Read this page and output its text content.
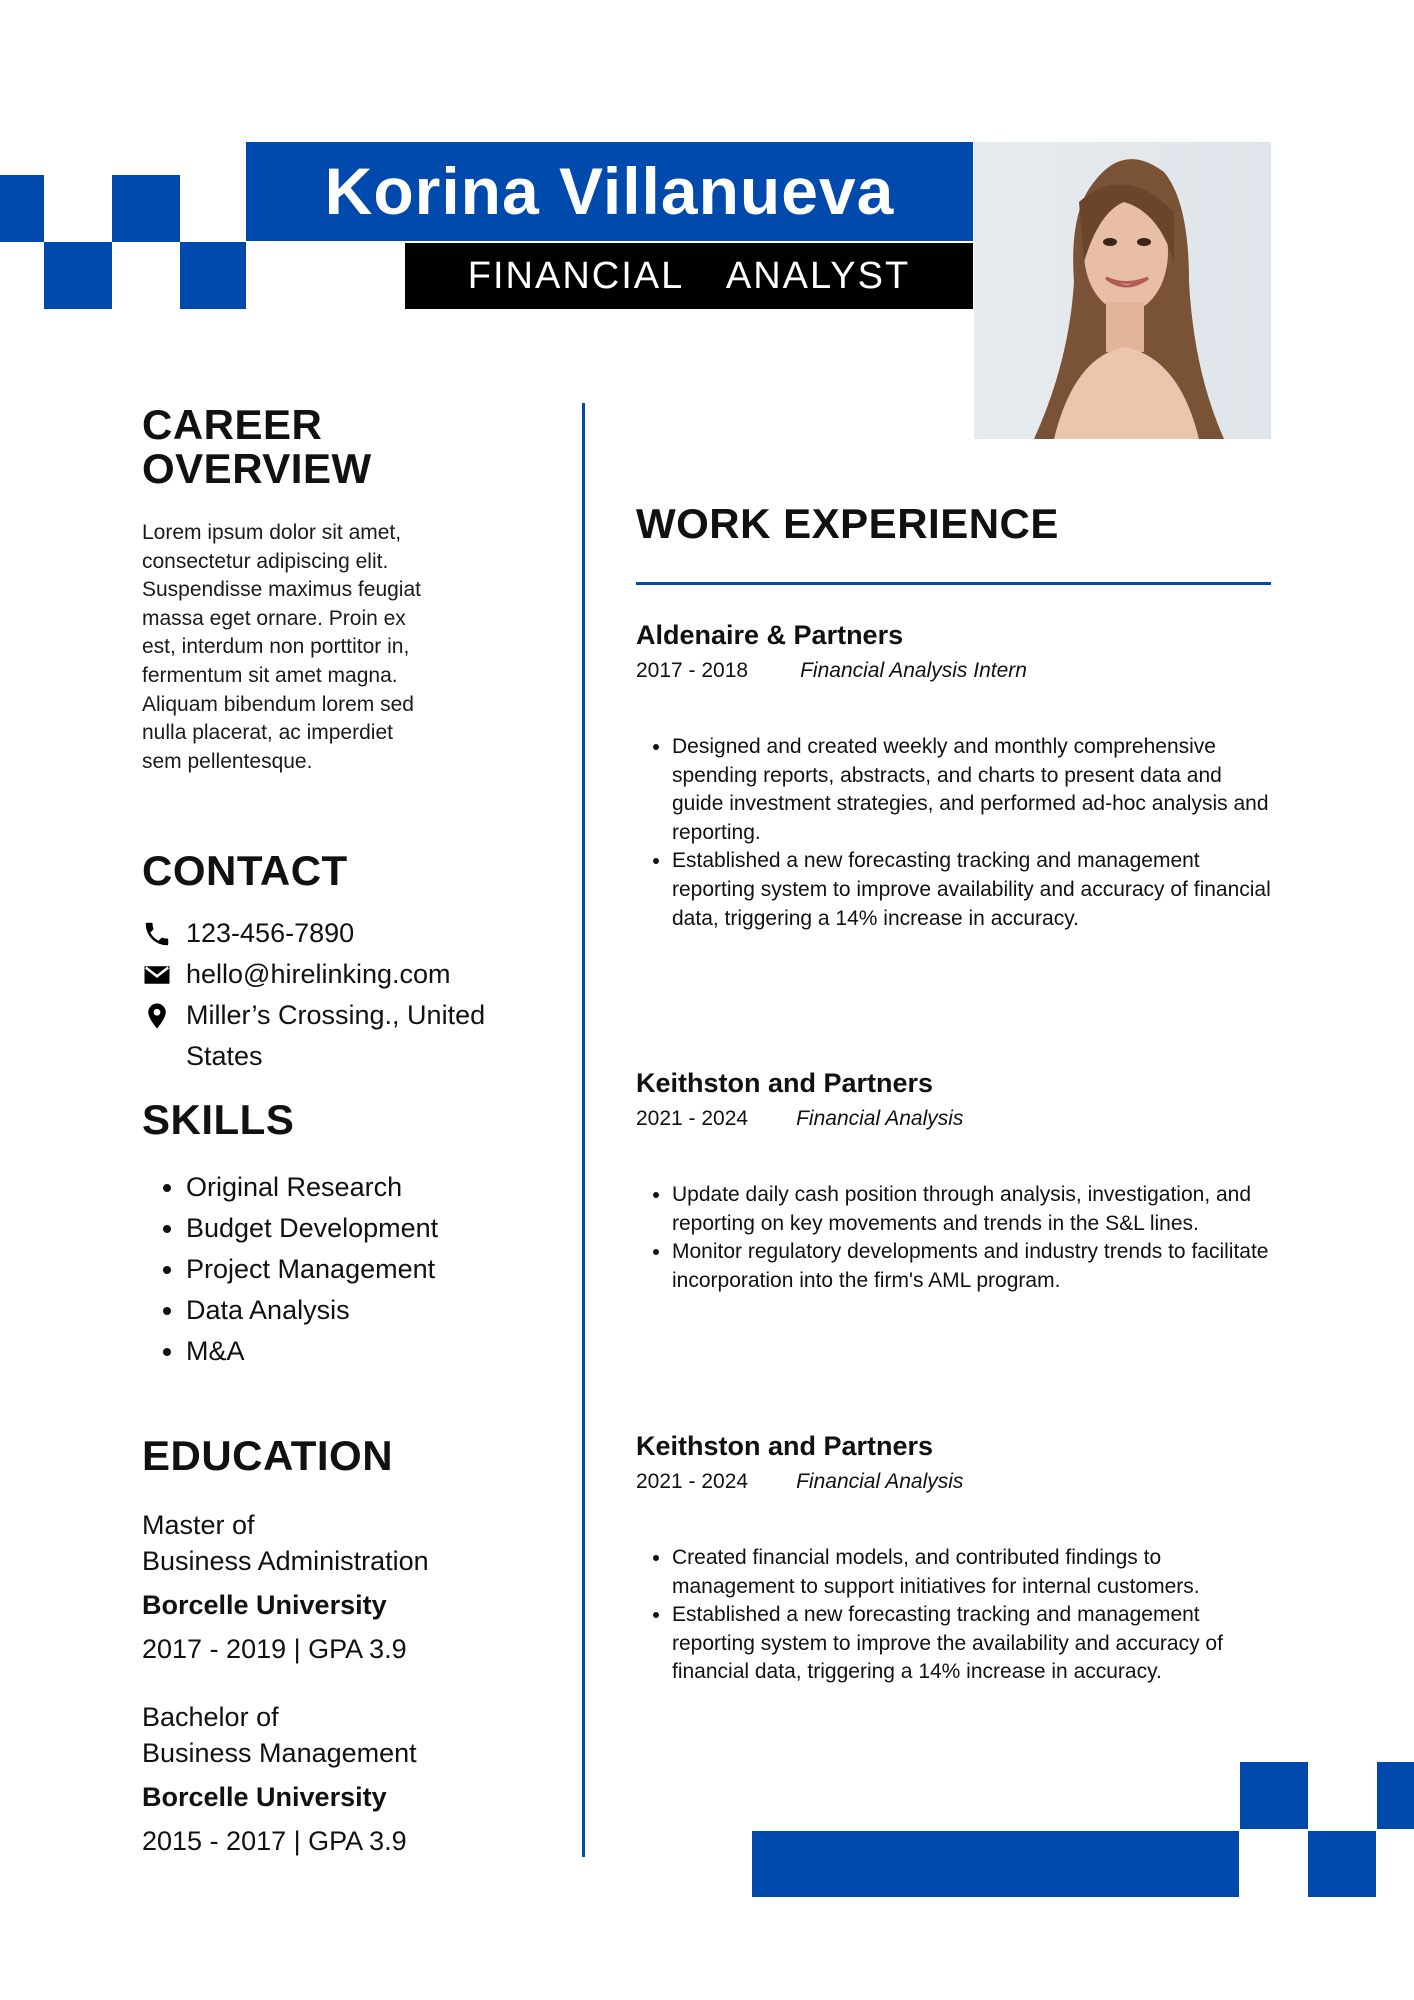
Korina Villanueva
FINANCIAL  ANALYST
CAREER
OVERVIEW
Lorem ipsum dolor sit amet,
consectetur adipiscing elit.
Suspendisse maximus feugiat
massa eget ornare. Proin ex
est, interdum non porttitor in,
fermentum sit amet magna.
Aliquam bibendum lorem sed
nulla placerat, ac imperdiet
sem pellentesque.
CONTACT
123-456-7890
hello@hirelinking.com
Miller’s Crossing., United
States
SKILLS
• Original Research
• Budget Development
• Project Management
• Data Analysis
• M&A
EDUCATION
Master of
Business Administration
Borcelle University
2017 - 2019 | GPA 3.9
Bachelor of
Business Management
Borcelle University
2015 - 2017 | GPA 3.9
WORK EXPERIENCE
Aldenaire & Partners
2017 - 2018 Financial Analysis Intern
• Designed and created weekly and monthly comprehensive spending reports, abstracts, and charts to present data and guide investment strategies, and performed ad-hoc analysis and reporting.
• Established a new forecasting tracking and management reporting system to improve availability and accuracy of financial data, triggering a 14% increase in accuracy.
Keithston and Partners
2021 - 2024 Financial Analysis
• Update daily cash position through analysis, investigation, and reporting on key movements and trends in the S&L lines.
• Monitor regulatory developments and industry trends to facilitate incorporation into the firm's AML program.
Keithston and Partners
2021 - 2024 Financial Analysis
• Created financial models, and contributed findings to management to support initiatives for internal customers.
• Established a new forecasting tracking and management reporting system to improve the availability and accuracy of financial data, triggering a 14% increase in accuracy.
